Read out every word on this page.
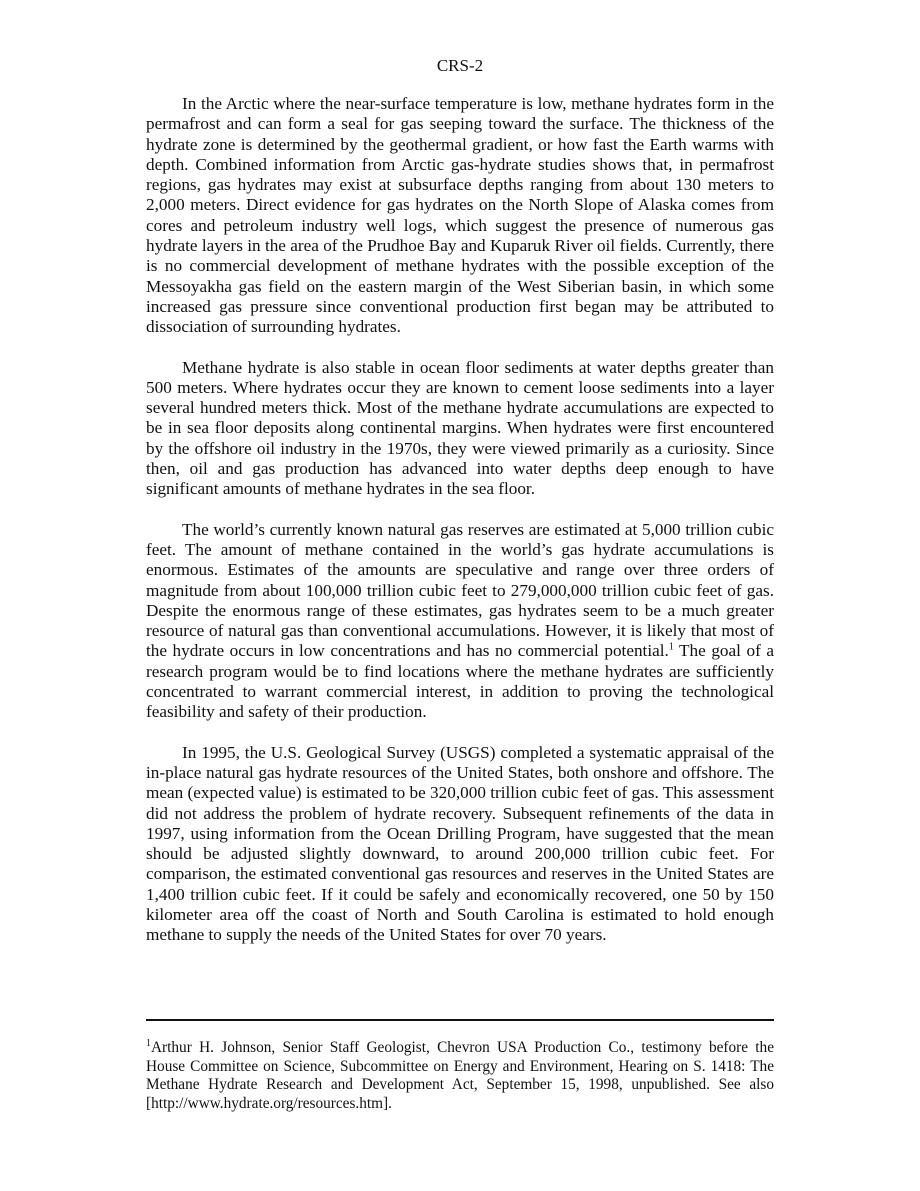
CRS-2

In the Arctic where the near-surface temperature is low, methane hydrates form in the permafrost and can form a seal for gas seeping toward the surface. The thickness of the hydrate zone is determined by the geothermal gradient, or how fast the Earth warms with depth. Combined information from Arctic gas-hydrate studies shows that, in permafrost regions, gas hydrates may exist at subsurface depths ranging from about 130 meters to 2,000 meters. Direct evidence for gas hydrates on the North Slope of Alaska comes from cores and petroleum industry well logs, which suggest the presence of numerous gas hydrate layers in the area of the Prudhoe Bay and Kuparuk River oil fields. Currently, there is no commercial development of methane hydrates with the possible exception of the Messoyakha gas field on the eastern margin of the West Siberian basin, in which some increased gas pressure since conventional production first began may be attributed to dissociation of surrounding hydrates.

Methane hydrate is also stable in ocean floor sediments at water depths greater than 500 meters. Where hydrates occur they are known to cement loose sediments into a layer several hundred meters thick. Most of the methane hydrate accumulations are expected to be in sea floor deposits along continental margins. When hydrates were first encountered by the offshore oil industry in the 1970s, they were viewed primarily as a curiosity. Since then, oil and gas production has advanced into water depths deep enough to have significant amounts of methane hydrates in the sea floor.

The world’s currently known natural gas reserves are estimated at 5,000 trillion cubic feet. The amount of methane contained in the world’s gas hydrate accumulations is enormous. Estimates of the amounts are speculative and range over three orders of magnitude from about 100,000 trillion cubic feet to 279,000,000 trillion cubic feet of gas. Despite the enormous range of these estimates, gas hydrates seem to be a much greater resource of natural gas than conventional accumulations. However, it is likely that most of the hydrate occurs in low concentrations and has no commercial potential.$^1$ The goal of a research program would be to find locations where the methane hydrates are sufficiently concentrated to warrant commercial interest, in addition to proving the technological feasibility and safety of their production.

In 1995, the U.S. Geological Survey (USGS) completed a systematic appraisal of the in-place natural gas hydrate resources of the United States, both onshore and offshore. The mean (expected value) is estimated to be 320,000 trillion cubic feet of gas. This assessment did not address the problem of hydrate recovery. Subsequent refinements of the data in 1997, using information from the Ocean Drilling Program, have suggested that the mean should be adjusted slightly downward, to around 200,000 trillion cubic feet. For comparison, the estimated conventional gas resources and reserves in the United States are 1,400 trillion cubic feet. If it could be safely and economically recovered, one 50 by 150 kilometer area off the coast of North and South Carolina is estimated to hold enough methane to supply the needs of the United States for over 70 years.

$^1$Arthur H. Johnson, Senior Staff Geologist, Chevron USA Production Co., testimony before the House Committee on Science, Subcommittee on Energy and Environment, Hearing on S. 1418: The Methane Hydrate Research and Development Act, September 15, 1998, unpublished. See also [http://www.hydrate.org/resources.htm].
